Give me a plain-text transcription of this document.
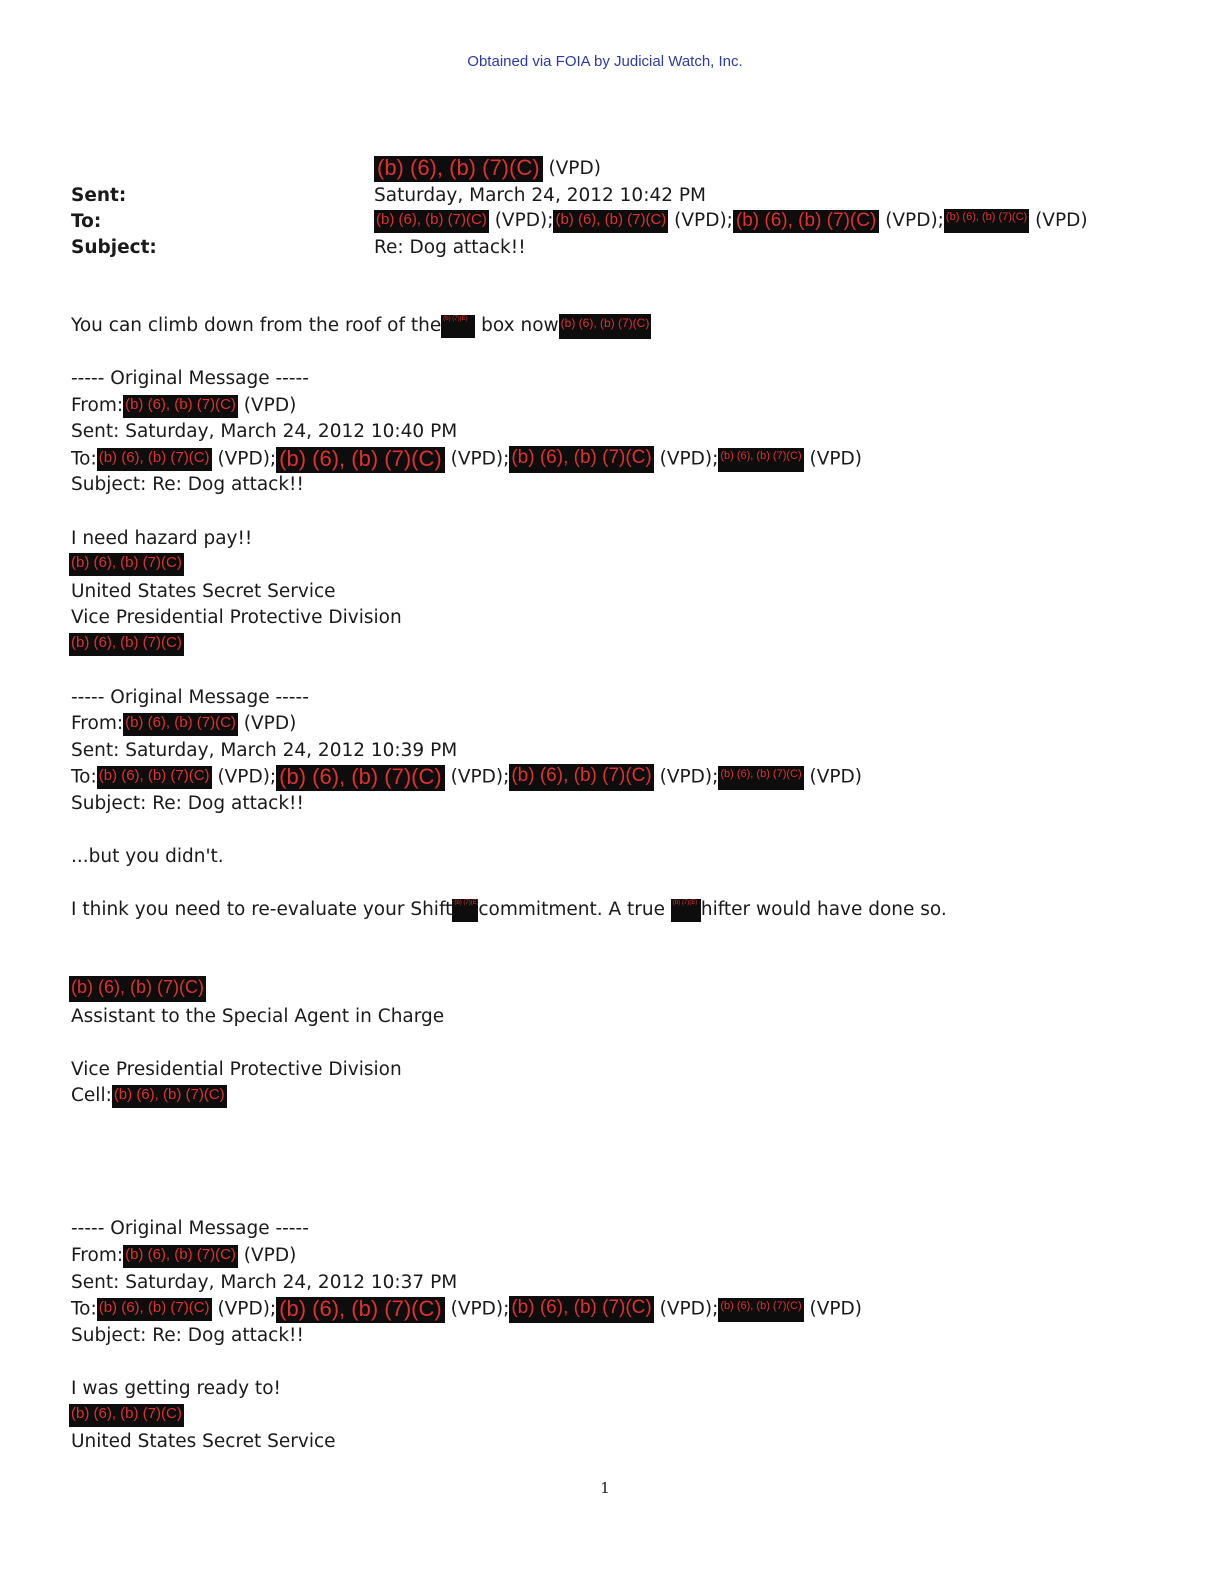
Obtained via FOIA by Judicial Watch, Inc.
(b) (6), (b) (7)(C) (VPD)
Sent:	Saturday, March 24, 2012 10:42 PM
To:	(b) (6), (b) (7)(C) (VPD); (b) (6), (b) (7)(C) (VPD); (b) (6), (b) (7)(C) (VPD); (b) (6), (b) (7)(C) (VPD)
Subject:	Re: Dog attack!!
You can climb down from the roof of the (b) (7)(E) box now (b) (6), (b) (7)(C)
----- Original Message -----
From: (b) (6), (b) (7)(C) (VPD)
Sent: Saturday, March 24, 2012 10:40 PM
To: (b) (6), (b) (7)(C) (VPD); (b) (6), (b) (7)(C) (VPD); (b) (6), (b) (7)(C) (VPD); (b) (6), (b) (7)(C) (VPD)
Subject: Re: Dog attack!!
I need hazard pay!!
(b) (6), (b) (7)(C)
United States Secret Service
Vice Presidential Protective Division
(b) (6), (b) (7)(C)
----- Original Message -----
From: (b) (6), (b) (7)(C) (VPD)
Sent: Saturday, March 24, 2012 10:39 PM
To: (b) (6), (b) (7)(C) (VPD); (b) (6), (b) (7)(C) (VPD); (b) (6), (b) (7)(C) (VPD); (b) (6), (b) (7)(C) (VPD)
Subject: Re: Dog attack!!
...but you didn't.
I think you need to re-evaluate your Shift (b) (7)(E)commitment. A true (b) (7)(E) hifter would have done so.
(b) (6), (b) (7)(C)
Assistant to the Special Agent in Charge
Vice Presidential Protective Division
Cell: (b) (6), (b) (7)(C)
----- Original Message -----
From: (b) (6), (b) (7)(C) (VPD)
Sent: Saturday, March 24, 2012 10:37 PM
To: (b) (6), (b) (7)(C) (VPD); (b) (6), (b) (7)(C) (VPD); (b) (6), (b) (7)(C) (VPD); (b) (6), (b) (7)(C) (VPD)
Subject: Re: Dog attack!!
I was getting ready to!
(b) (6), (b) (7)(C)
United States Secret Service
1
